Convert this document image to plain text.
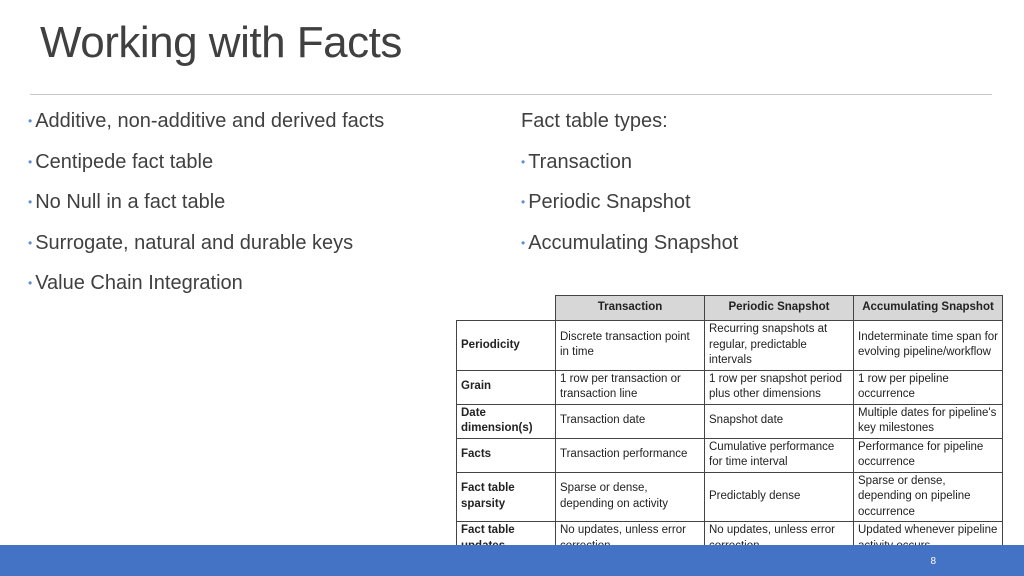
Working with Facts
• Additive, non-additive and derived facts
• Centipede fact table
• No Null in a fact table
• Surrogate, natural and durable keys
• Value Chain Integration
Fact table types:
• Transaction
• Periodic Snapshot
• Accumulating Snapshot
	Transaction	Periodic Snapshot	Accumulating Snapshot
Periodicity	Discrete transaction point in time	Recurring snapshots at regular, predictable intervals	Indeterminate time span for evolving pipeline/workflow
Grain	1 row per transaction or transaction line	1 row per snapshot period plus other dimensions	1 row per pipeline occurrence
Date dimension(s)	Transaction date	Snapshot date	Multiple dates for pipeline's key milestones
Facts	Transaction performance	Cumulative performance for time interval	Performance for pipeline occurrence
Fact table sparsity	Sparse or dense, depending on activity	Predictably dense	Sparse or dense, depending on pipeline occurrence
Fact table	No updates, unless error	No updates, unless error	Updated whenever pipeline
8
